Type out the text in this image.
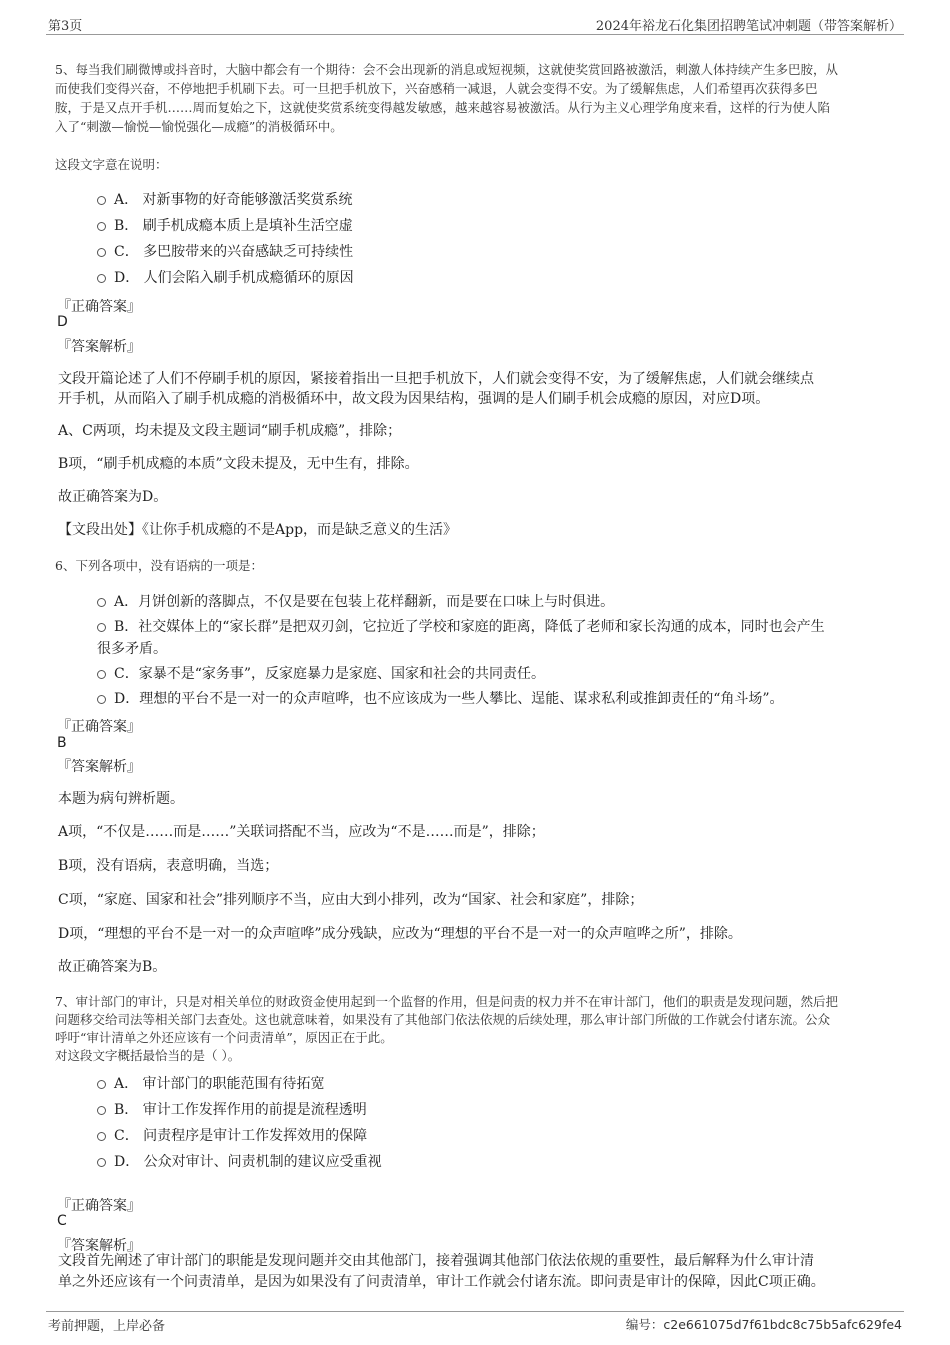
第3页	2024年裕龙石化集团招聘笔试冲刺题（带答案解析）
5、每当我们刷微博或抖音时，大脑中都会有一个期待：会不会出现新的消息或短视频，这就使奖赏回路被激活，刺激人体持续产生多巴胺，从
而使我们变得兴奋，不停地把手机刷下去。可一旦把手机放下，兴奋感稍一减退，人就会变得不安。为了缓解焦虑，人们希望再次获得多巴
胺，于是又点开手机……周而复始之下，这就使奖赏系统变得越发敏感，越来越容易被激活。从行为主义心理学角度来看，这样的行为使人陷
入了“刺激—愉悦—愉悦强化—成瘾”的消极循环中。
这段文字意在说明：
A． 对新事物的好奇能够激活奖赏系统
B． 刷手机成瘾本质上是填补生活空虚
C． 多巴胺带来的兴奋感缺乏可持续性
D． 人们会陷入刷手机成瘾循环的原因
『正确答案』
D
『答案解析』
文段开篇论述了人们不停刷手机的原因，紧接着指出一旦把手机放下，人们就会变得不安，为了缓解焦虑，人们就会继续点
开手机，从而陷入了刷手机成瘾的消极循环中，故文段为因果结构，强调的是人们刷手机会成瘾的原因，对应D项。
A、C两项，均未提及文段主题词“刷手机成瘾”，排除；
B项，“刷手机成瘾的本质”文段未提及，无中生有，排除。
故正确答案为D。
【文段出处】《让你手机成瘾的不是App，而是缺乏意义的生活》
6、下列各项中，没有语病的一项是：
A．月饼创新的落脚点，不仅是要在包装上花样翻新，而是要在口味上与时俱进。
B．社交媒体上的“家长群”是把双刃剑，它拉近了学校和家庭的距离，降低了老师和家长沟通的成本，同时也会产生
很多矛盾。
C．家暴不是“家务事”，反家庭暴力是家庭、国家和社会的共同责任。
D．理想的平台不是一对一的众声喧哗，也不应该成为一些人攀比、逞能、谋求私利或推卸责任的“角斗场”。
『正确答案』
B
『答案解析』
本题为病句辨析题。
A项，“不仅是……而是……”关联词搭配不当，应改为“不是……而是”，排除；
B项，没有语病，表意明确，当选；
C项，“家庭、国家和社会”排列顺序不当，应由大到小排列，改为“国家、社会和家庭”，排除；
D项，“理想的平台不是一对一的众声喧哗”成分残缺，应改为“理想的平台不是一对一的众声喧哗之所”，排除。
故正确答案为B。
7、审计部门的审计，只是对相关单位的财政资金使用起到一个监督的作用，但是问责的权力并不在审计部门，他们的职责是发现问题，然后把
问题移交给司法等相关部门去查处。这也就意味着，如果没有了其他部门依法依规的后续处理，那么审计部门所做的工作就会付诸东流。公众
呼吁“审计清单之外还应该有一个问责清单”，原因正在于此。
对这段文字概括最恰当的是（ ）。
A． 审计部门的职能范围有待拓宽
B． 审计工作发挥作用的前提是流程透明
C． 问责程序是审计工作发挥效用的保障
D． 公众对审计、问责机制的建议应受重视
『正确答案』
C
『答案解析』
文段首先阐述了审计部门的职能是发现问题并交由其他部门，接着强调其他部门依法依规的重要性，最后解释为什么审计清
单之外还应该有一个问责清单，是因为如果没有了问责清单，审计工作就会付诸东流。即问责是审计的保障，因此C项正确。
考前押题，上岸必备	编号：c2e661075d7f61bdc8c75b5afc629fe4
